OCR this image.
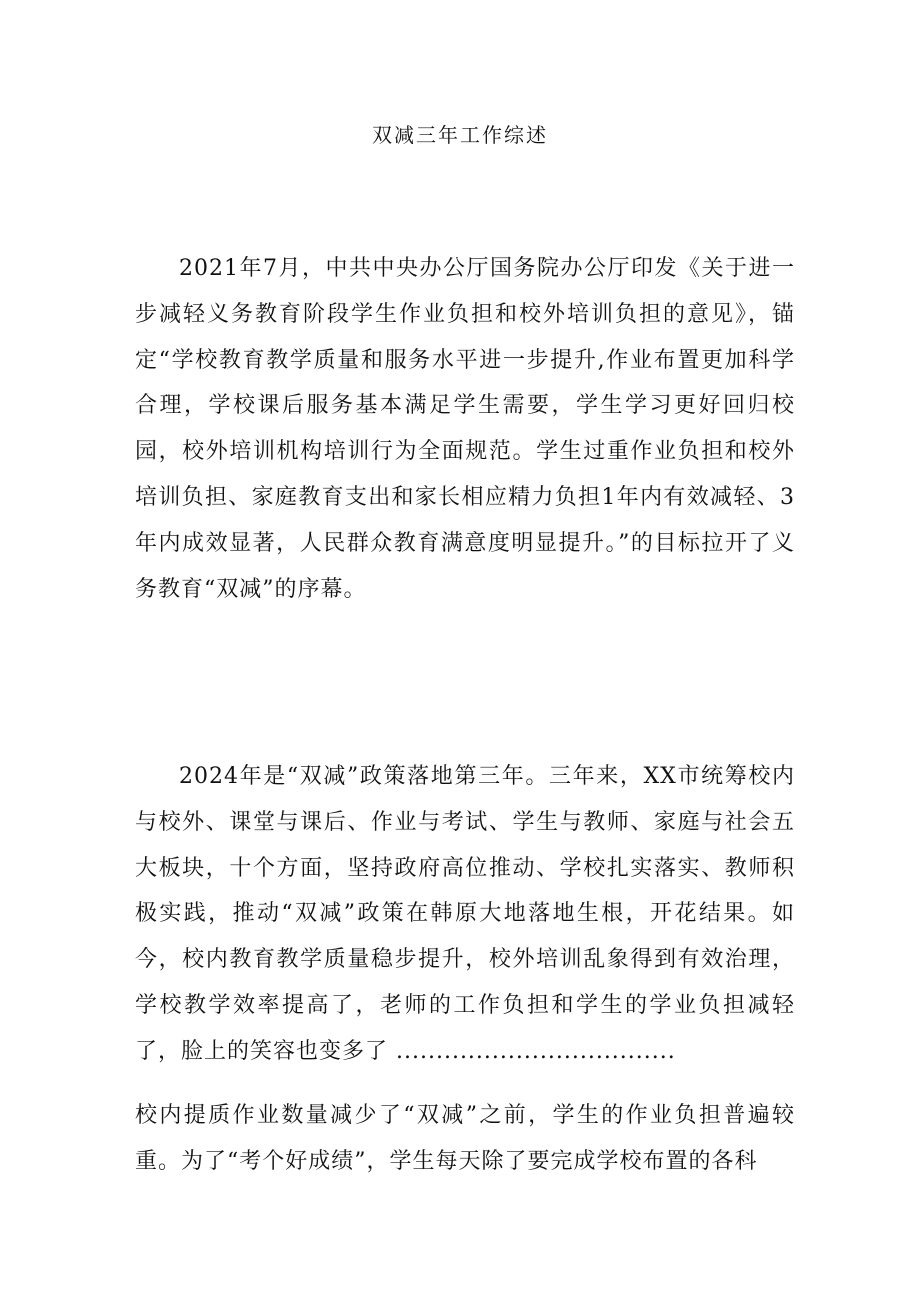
双减三年工作综述

2021年7月，中共中央办公厅国务院办公厅印发《关于进一步减轻义务教育阶段学生作业负担和校外培训负担的意见》，锚定“学校教育教学质量和服务水平进一步提升,作业布置更加科学合理，学校课后服务基本满足学生需要，学生学习更好回归校园，校外培训机构培训行为全面规范。学生过重作业负担和校外培训负担、家庭教育支出和家长相应精力负担1年内有效减轻、3年内成效显著，人民群众教育满意度明显提升。”的目标拉开了义务教育“双减”的序幕。

2024年是“双减”政策落地第三年。三年来，XX市统筹校内与校外、课堂与课后、作业与考试、学生与教师、家庭与社会五大板块，十个方面，坚持政府高位推动、学校扎实落实、教师积极实践，推动“双减”政策在韩原大地落地生根，开花结果。如今，校内教育教学质量稳步提升，校外培训乱象得到有效治理，学校教学效率提高了，老师的工作负担和学生的学业负担减轻了，脸上的笑容也变多了 ...................................

校内提质作业数量减少了“双减”之前，学生的作业负担普遍较重。为了“考个好成绩”，学生每天除了要完成学校布置的各科
